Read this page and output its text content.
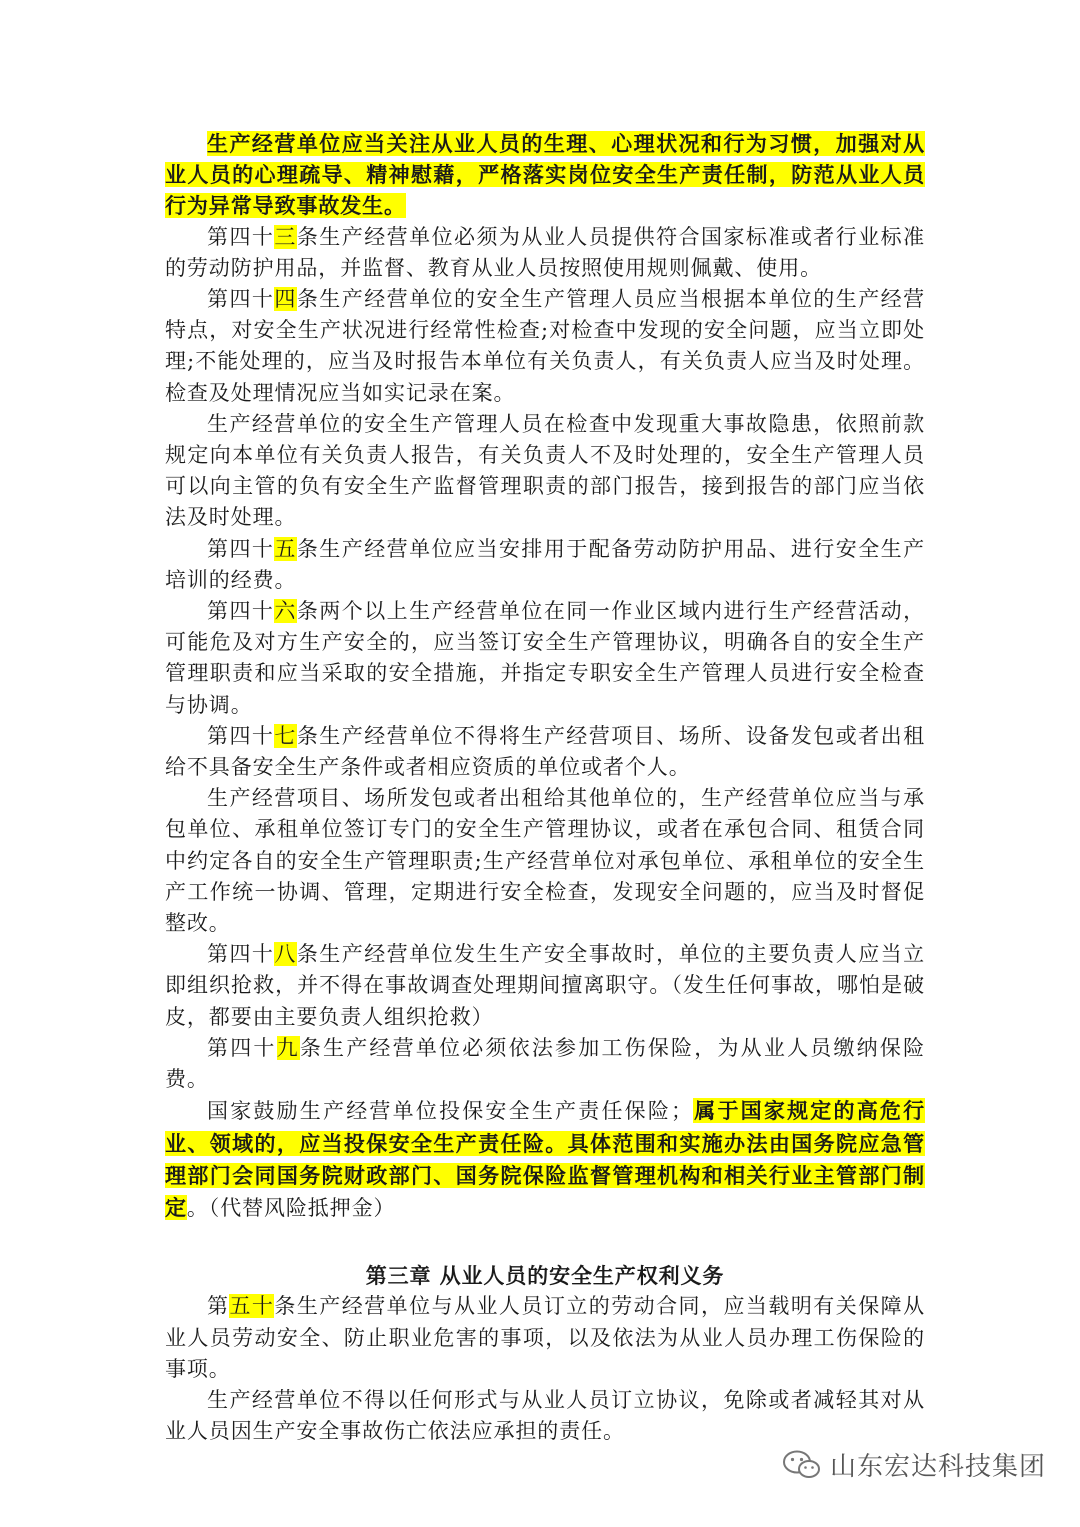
生产经营单位应当关注从业人员的生理、心理状况和行为习惯，加强对从业人员的心理疏导、精神慰藉，严格落实岗位安全生产责任制，防范从业人员行为异常导致事故发生。

第四十三条生产经营单位必须为从业人员提供符合国家标准或者行业标准的劳动防护用品，并监督、教育从业人员按照使用规则佩戴、使用。

第四十四条生产经营单位的安全生产管理人员应当根据本单位的生产经营特点，对安全生产状况进行经常性检查;对检查中发现的安全问题，应当立即处理;不能处理的，应当及时报告本单位有关负责人，有关负责人应当及时处理。检查及处理情况应当如实记录在案。

生产经营单位的安全生产管理人员在检查中发现重大事故隐患，依照前款规定向本单位有关负责人报告，有关负责人不及时处理的，安全生产管理人员可以向主管的负有安全生产监督管理职责的部门报告，接到报告的部门应当依法及时处理。

第四十五条生产经营单位应当安排用于配备劳动防护用品、进行安全生产培训的经费。

第四十六条两个以上生产经营单位在同一作业区域内进行生产经营活动，可能危及对方生产安全的，应当签订安全生产管理协议，明确各自的安全生产管理职责和应当采取的安全措施，并指定专职安全生产管理人员进行安全检查与协调。

第四十七条生产经营单位不得将生产经营项目、场所、设备发包或者出租给不具备安全生产条件或者相应资质的单位或者个人。

生产经营项目、场所发包或者出租给其他单位的，生产经营单位应当与承包单位、承租单位签订专门的安全生产管理协议，或者在承包合同、租赁合同中约定各自的安全生产管理职责;生产经营单位对承包单位、承租单位的安全生产工作统一协调、管理，定期进行安全检查，发现安全问题的，应当及时督促整改。

第四十八条生产经营单位发生生产安全事故时，单位的主要负责人应当立即组织抢救，并不得在事故调查处理期间擅离职守。（发生任何事故，哪怕是破皮，都要由主要负责人组织抢救）

第四十九条生产经营单位必须依法参加工伤保险，为从业人员缴纳保险费。

国家鼓励生产经营单位投保安全生产责任保险；属于国家规定的高危行业、领域的，应当投保安全生产责任险。具体范围和实施办法由国务院应急管理部门会同国务院财政部门、国务院保险监督管理机构和相关行业主管部门制定。（代替风险抵押金）

第三章 从业人员的安全生产权利义务

第五十条生产经营单位与从业人员订立的劳动合同，应当载明有关保障从业人员劳动安全、防止职业危害的事项，以及依法为从业人员办理工伤保险的事项。

生产经营单位不得以任何形式与从业人员订立协议，免除或者减轻其对从业人员因生产安全事故伤亡依法应承担的责任。

山东宏达科技集团
